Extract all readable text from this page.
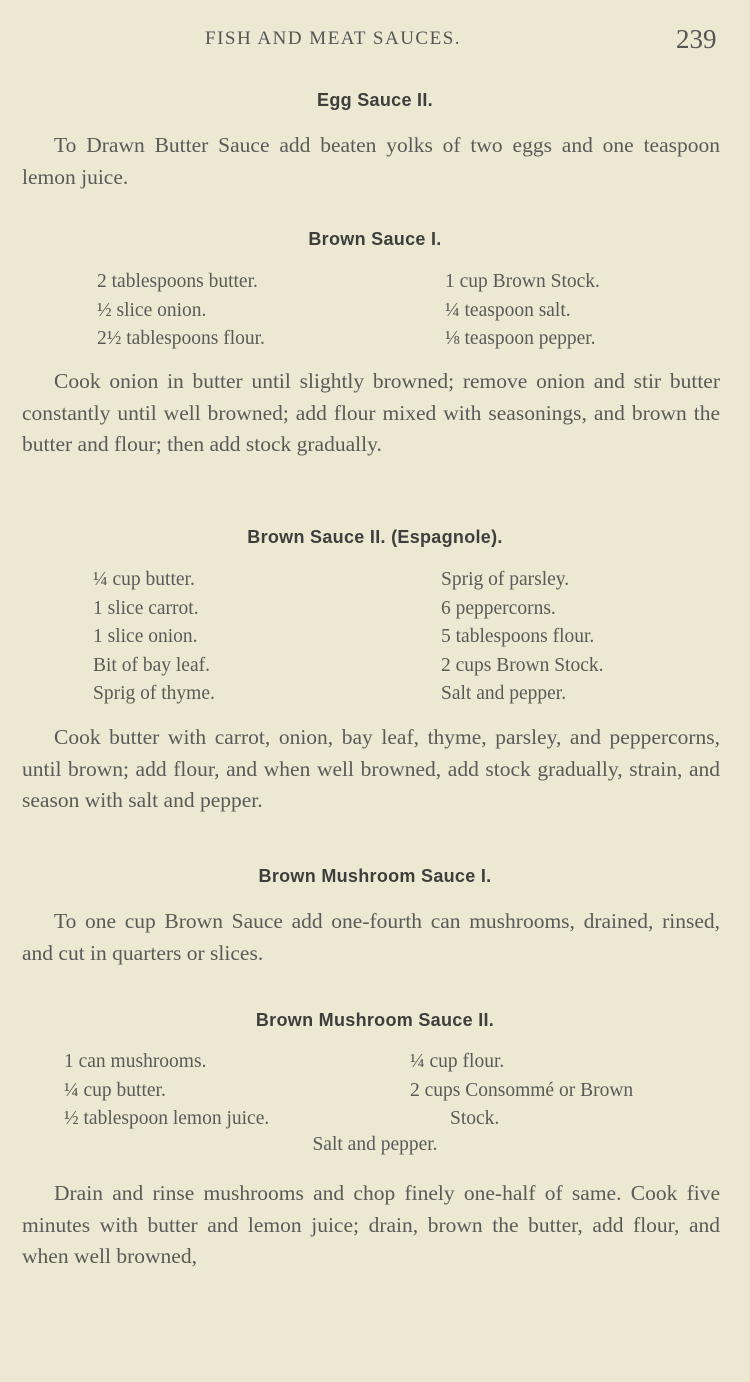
FISH AND MEAT SAUCES.	239
Egg Sauce II.
To Drawn Butter Sauce add beaten yolks of two eggs and one teaspoon lemon juice.
Brown Sauce I.
2 tablespoons butter.
½ slice onion.
2½ tablespoons flour.
1 cup Brown Stock.
¼ teaspoon salt.
⅛ teaspoon pepper.
Cook onion in butter until slightly browned; remove onion and stir butter constantly until well browned; add flour mixed with seasonings, and brown the butter and flour; then add stock gradually.
Brown Sauce II. (Espagnole).
¼ cup butter.
1 slice carrot.
1 slice onion.
Bit of bay leaf.
Sprig of thyme.
Sprig of parsley.
6 peppercorns.
5 tablespoons flour.
2 cups Brown Stock.
Salt and pepper.
Cook butter with carrot, onion, bay leaf, thyme, parsley, and peppercorns, until brown; add flour, and when well browned, add stock gradually, strain, and season with salt and pepper.
Brown Mushroom Sauce I.
To one cup Brown Sauce add one-fourth can mushrooms, drained, rinsed, and cut in quarters or slices.
Brown Mushroom Sauce II.
1 can mushrooms.
¼ cup butter.
½ tablespoon lemon juice.
¼ cup flour.
2 cups Consommé or Brown
Stock.
Salt and pepper.
Drain and rinse mushrooms and chop finely one-half of same. Cook five minutes with butter and lemon juice; drain, brown the butter, add flour, and when well browned,
